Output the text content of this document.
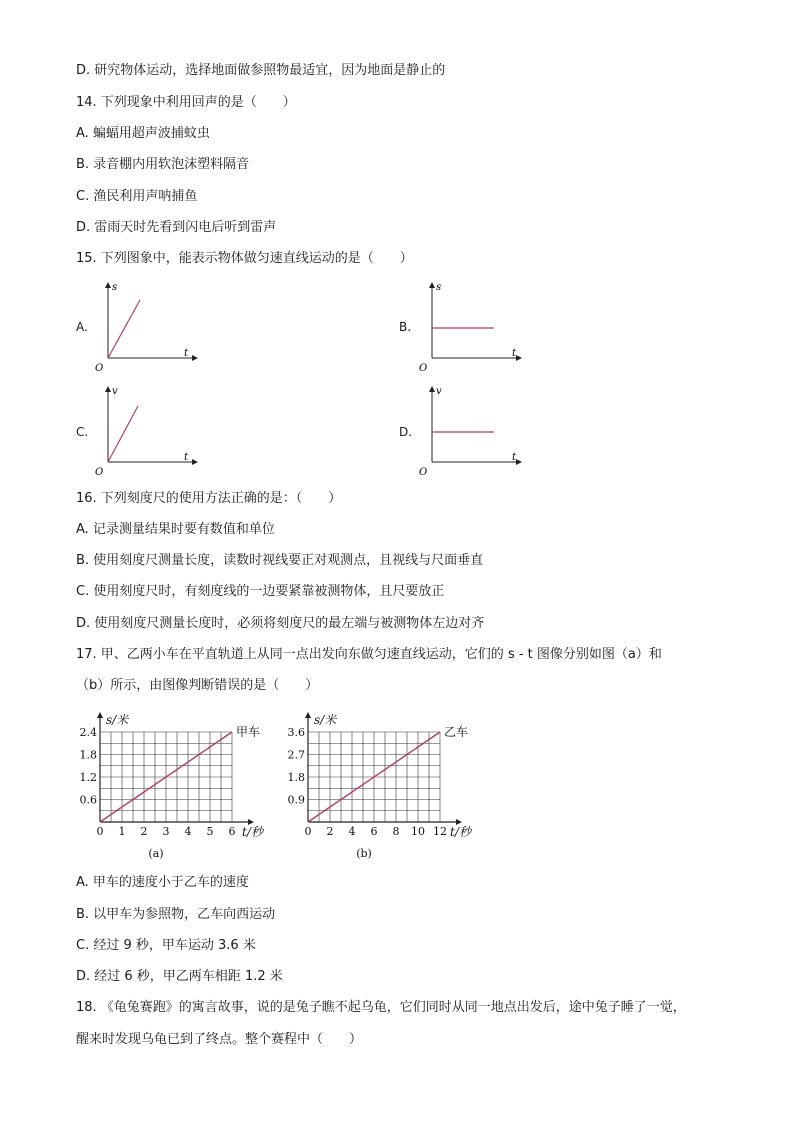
D. 研究物体运动，选择地面做参照物最适宜，因为地面是静止的
14. 下列现象中利用回声的是（　　）
A. 蝙蝠用超声波捕蚊虫
B. 录音棚内用软泡沫塑料隔音
C. 渔民利用声呐捕鱼
D. 雷雨天时先看到闪电后听到雷声
15. 下列图象中，能表示物体做匀速直线运动的是（　　）
A.
s
t
O
B.
s
t
O
C.
v
t
O
D.
v
t
O
16. 下列刻度尺的使用方法正确的是：（　　）
A. 记录测量结果时要有数值和单位
B. 使用刻度尺测量长度，读数时视线要正对观测点，且视线与尺面垂直
C. 使用刻度尺时，有刻度线的一边要紧靠被测物体，且尺要放正
D. 使用刻度尺测量长度时，必须将刻度尺的最左端与被测物体左边对齐
17. 甲、乙两小车在平直轨道上从同一点出发向东做匀速直线运动，它们的 s - t 图像分别如图（a）和
（b）所示，由图像判断错误的是（　　）
0 1 2 3 4 5 6
0.6
1.2
1.8
2.4	甲车
s/米
t/秒
(a)
0 2 4 6 8 10 12
0.9
1.8
2.7
3.6	乙车
s/米
t/秒
(b)
A. 甲车的速度小于乙车的速度
B. 以甲车为参照物，乙车向西运动
C. 经过 9 秒，甲车运动 3.6 米
D. 经过 6 秒，甲乙两车相距 1.2 米
18. 《龟兔赛跑》的寓言故事，说的是兔子瞧不起乌龟，它们同时从同一地点出发后，途中兔子睡了一觉，
醒来时发现乌龟已到了终点。整个赛程中（　　）
